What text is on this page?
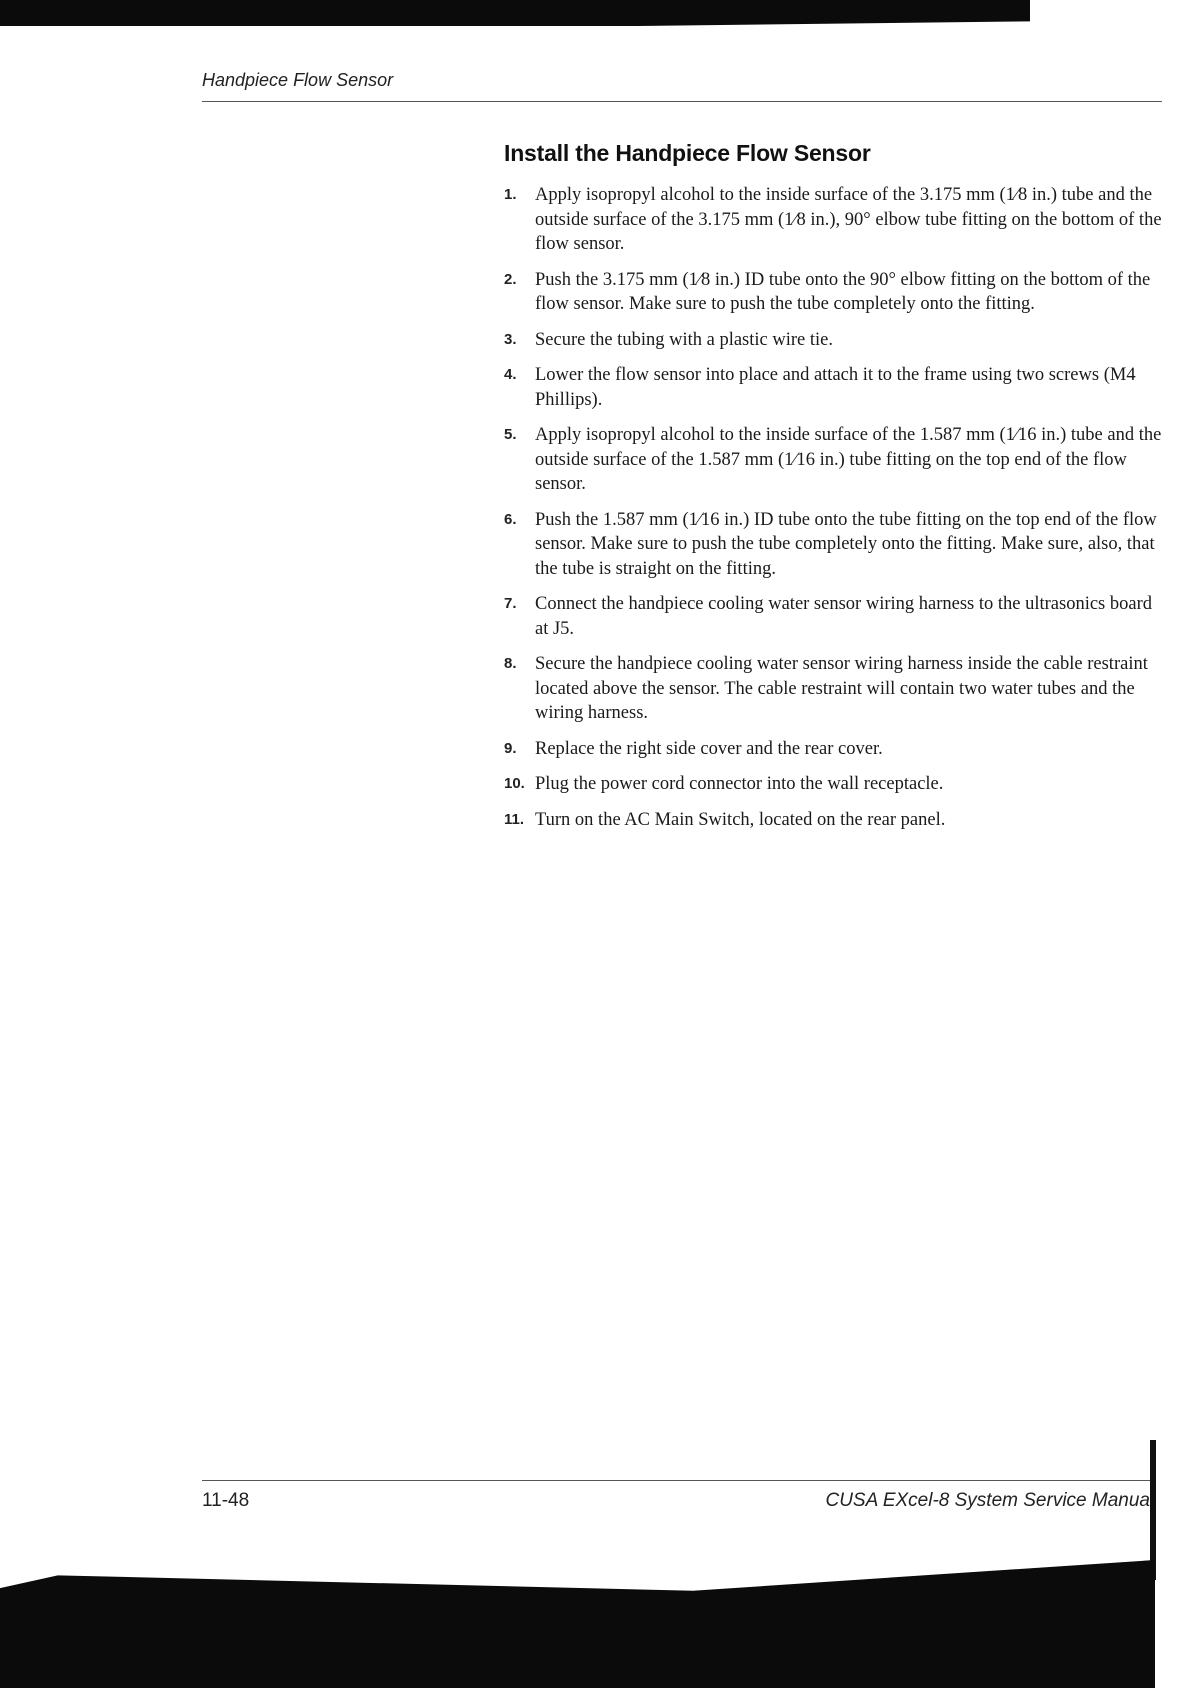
Handpiece Flow Sensor
Install the Handpiece Flow Sensor
1. Apply isopropyl alcohol to the inside surface of the 3.175 mm (1⁄8 in.) tube and the outside surface of the 3.175 mm (1⁄8 in.), 90° elbow tube fitting on the bottom of the flow sensor.
2. Push the 3.175 mm (1⁄8 in.) ID tube onto the 90° elbow fitting on the bottom of the flow sensor. Make sure to push the tube completely onto the fitting.
3. Secure the tubing with a plastic wire tie.
4. Lower the flow sensor into place and attach it to the frame using two screws (M4 Phillips).
5. Apply isopropyl alcohol to the inside surface of the 1.587 mm (1⁄16 in.) tube and the outside surface of the 1.587 mm (1⁄16 in.) tube fitting on the top end of the flow sensor.
6. Push the 1.587 mm (1⁄16 in.) ID tube onto the tube fitting on the top end of the flow sensor. Make sure to push the tube completely onto the fitting. Make sure, also, that the tube is straight on the fitting.
7. Connect the handpiece cooling water sensor wiring harness to the ultrasonics board at J5.
8. Secure the handpiece cooling water sensor wiring harness inside the cable restraint located above the sensor. The cable restraint will contain two water tubes and the wiring harness.
9. Replace the right side cover and the rear cover.
10. Plug the power cord connector into the wall receptacle.
11. Turn on the AC Main Switch, located on the rear panel.
11-48	CUSA EXcel-8 System Service Manua
